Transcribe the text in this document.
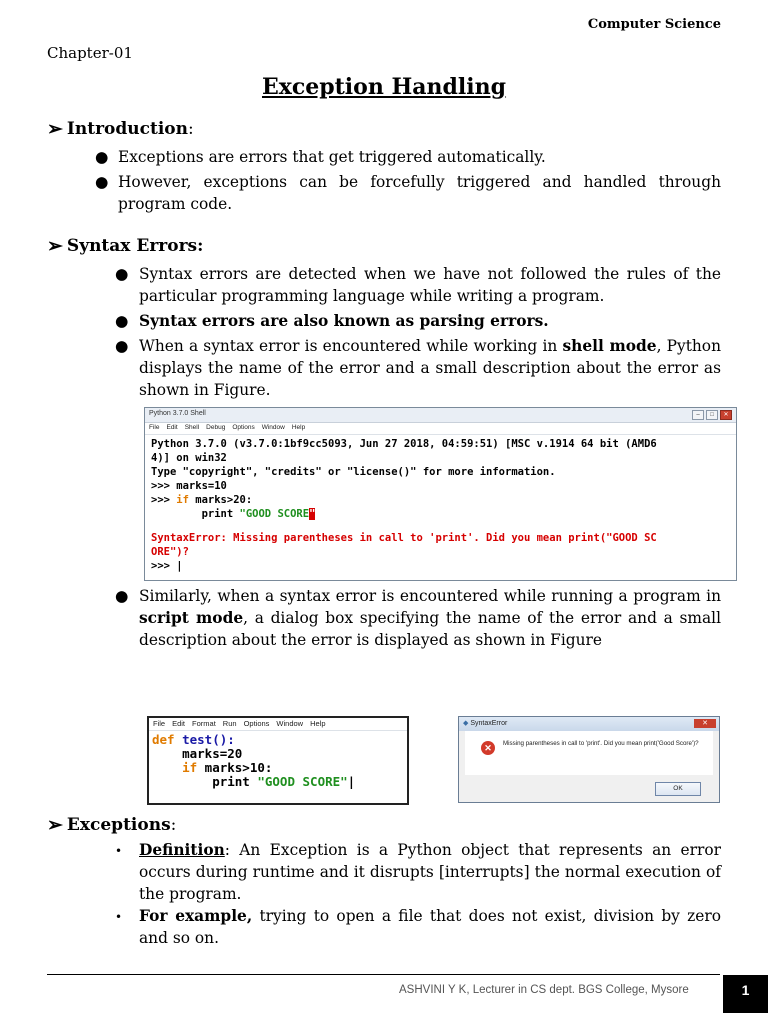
Computer Science
Chapter-01
Exception Handling
➢ Introduction :
● Exceptions are errors that get triggered automatically.
● However, exceptions can be forcefully triggered and handled through program code.
➢ Syntax Errors:
● Syntax errors are detected when we have not followed the rules of the particular programming language while writing a program.
● Syntax errors are also known as parsing errors.
● When a syntax error is encountered while working in shell mode, Python displays the name of the error and a small description about the error as shown in Figure.
Python 3.7.0 Shell	–	□	✕
File Edit Shell Debug Options Window Help
Python 3.7.0 (v3.7.0:1bf9cc5093, Jun 27 2018, 04:59:51) [MSC v.1914 64 bit (AMD6
4)] on win32
Type "copyright", "credits" or "license()" for more information.
>>> marks=10
>>> if marks>20:
print "GOOD SCORE"
SyntaxError: Missing parentheses in call to 'print'. Did you mean print("GOOD SC
ORE")?
>>> |
● Similarly, when a syntax error is encountered while running a program in script mode, a dialog box specifying the name of the error and a small description about the error is displayed as shown in Figure
File Edit Format Run Options Window Help
def test():
marks=20
if marks>10:
print "GOOD SCORE"|
◆ SyntaxError	✕
✕	Missing parentheses in call to 'print'. Did you mean print('Good Score')?
OK
➢ Exceptions :
• Definition: An Exception is a Python object that represents an error occurs during runtime and it disrupts [interrupts] the normal execution of the program.
• For example, trying to open a file that does not exist, division by zero and so on.
ASHVINI Y K, Lecturer in CS dept. BGS College, Mysore	1
